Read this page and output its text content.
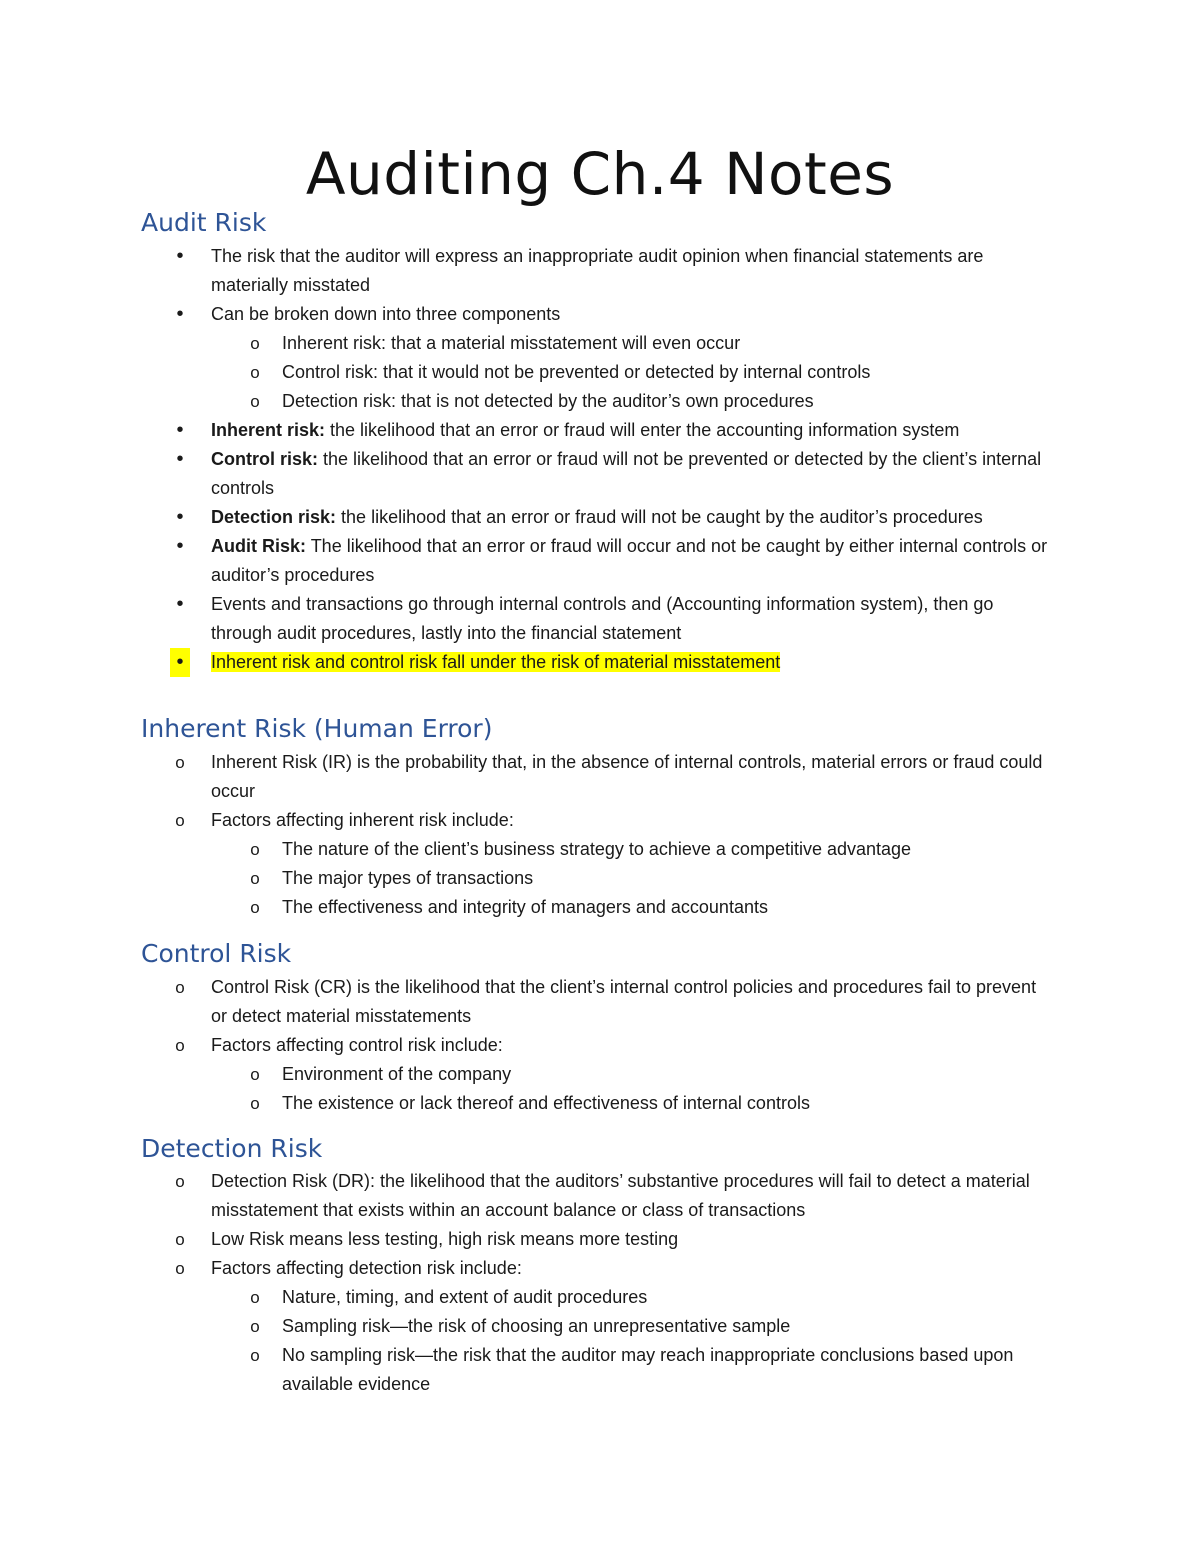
Auditing Ch.4 Notes
Audit Risk
•	The risk that the auditor will express an inappropriate audit opinion when financial statements are materially misstated
•	Can be broken down into three components
o Inherent risk: that a material misstatement will even occur
o Control risk: that it would not be prevented or detected by internal controls
o Detection risk: that is not detected by the auditor’s own procedures
•	Inherent risk: the likelihood that an error or fraud will enter the accounting information system
•	Control risk: the likelihood that an error or fraud will not be prevented or detected by the client’s internal controls
•	Detection risk: the likelihood that an error or fraud will not be caught by the auditor’s procedures
•	Audit Risk: The likelihood that an error or fraud will occur and not be caught by either internal controls or auditor’s procedures
•	Events and transactions go through internal controls and (Accounting information system), then go through audit procedures, lastly into the financial statement
•	Inherent risk and control risk fall under the risk of material misstatement
Inherent Risk (Human Error)
o Inherent Risk (IR) is the probability that, in the absence of internal controls, material errors or fraud could occur
o Factors affecting inherent risk include:
o The nature of the client’s business strategy to achieve a competitive advantage
o The major types of transactions
o The effectiveness and integrity of managers and accountants
Control Risk
o Control Risk (CR) is the likelihood that the client’s internal control policies and procedures fail to prevent or detect material misstatements
o Factors affecting control risk include:
o Environment of the company
o The existence or lack thereof and effectiveness of internal controls
Detection Risk
o Detection Risk (DR): the likelihood that the auditors’ substantive procedures will fail to detect a material misstatement that exists within an account balance or class of transactions
o Low Risk means less testing, high risk means more testing
o Factors affecting detection risk include:
o Nature, timing, and extent of audit procedures
o Sampling risk—the risk of choosing an unrepresentative sample
o No sampling risk—the risk that the auditor may reach inappropriate conclusions based upon available evidence
